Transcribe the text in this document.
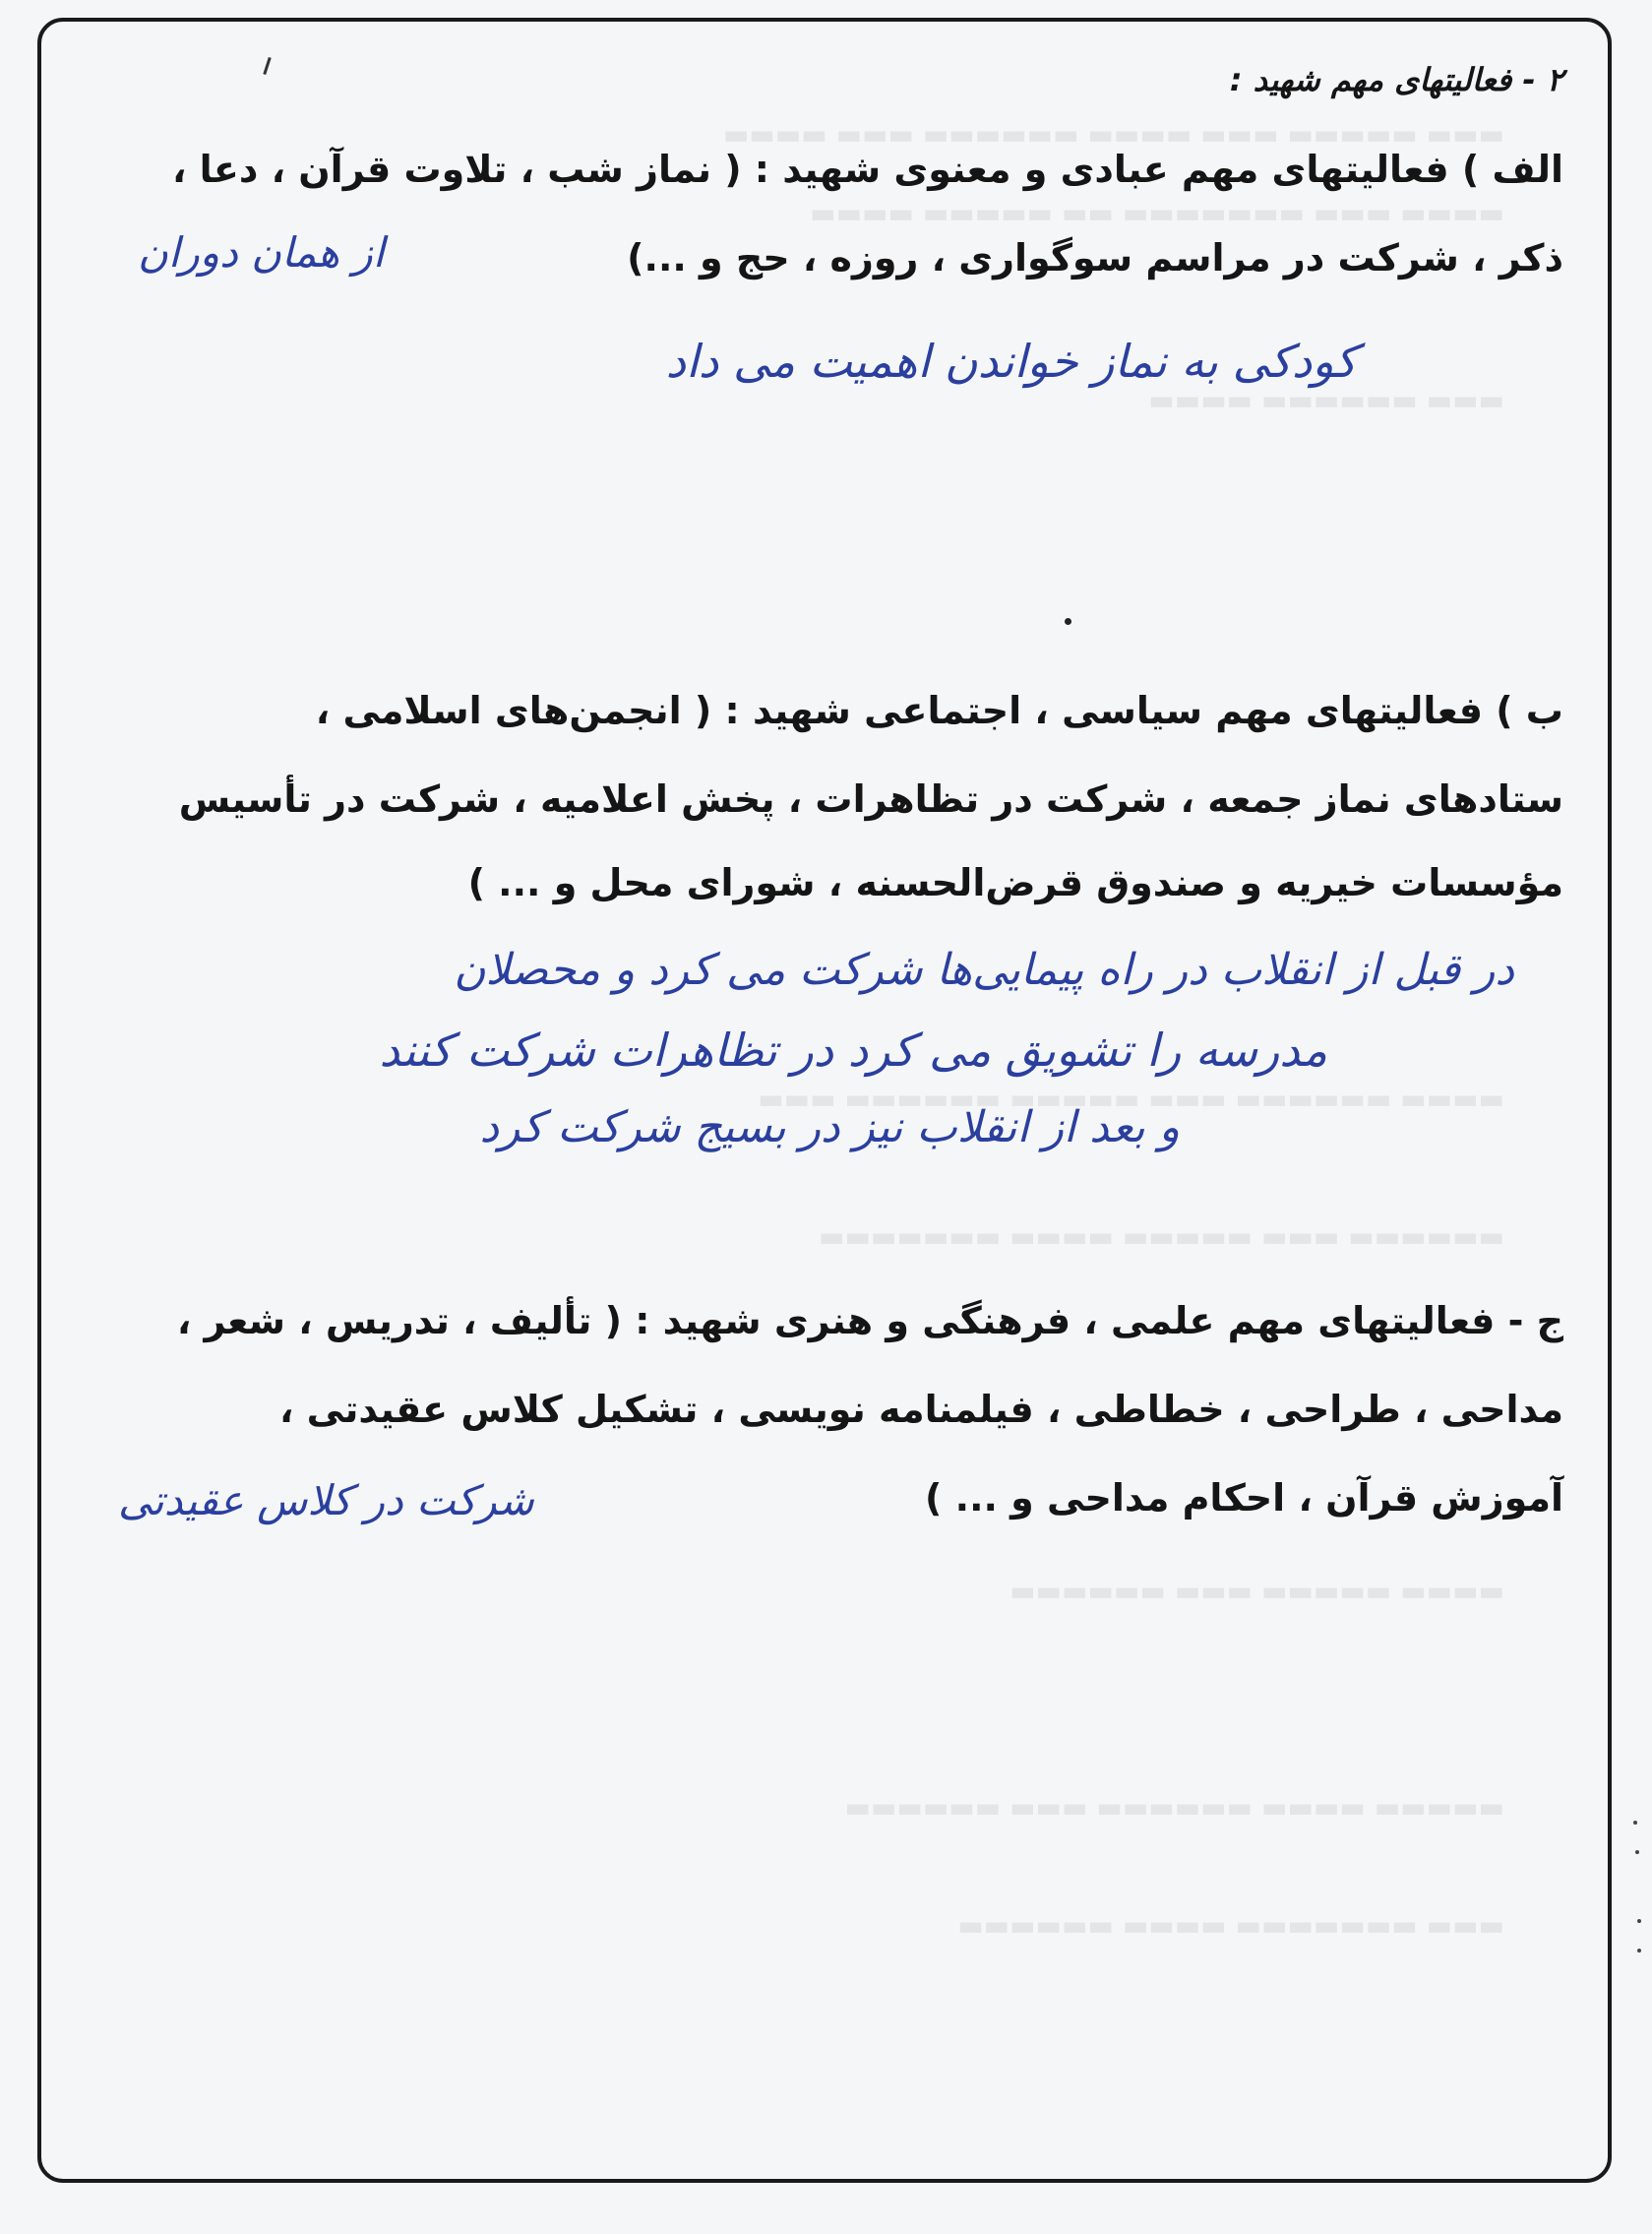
▬▬▬ ▬▬▬▬▬ ▬▬▬ ▬▬▬▬ ▬▬▬▬▬▬ ▬▬▬ ▬▬▬▬
▬▬▬▬ ▬▬▬ ▬▬▬▬▬▬▬ ▬▬ ▬▬▬▬▬ ▬▬▬▬
▬▬▬ ▬▬▬▬▬▬ ▬▬▬▬
▬▬▬▬ ▬▬▬▬▬▬ ▬▬▬ ▬▬▬▬▬ ▬▬▬▬▬▬ ▬▬▬
▬▬▬▬▬▬ ▬▬▬ ▬▬▬▬▬ ▬▬▬▬ ▬▬▬▬▬▬▬
▬▬▬▬ ▬▬▬▬▬ ▬▬▬ ▬▬▬▬▬▬
▬▬▬▬▬ ▬▬▬▬ ▬▬▬▬▬▬ ▬▬▬ ▬▬▬▬▬▬
▬▬▬ ▬▬▬▬▬▬▬ ▬▬▬▬ ▬▬▬▬▬▬
۲ - فعالیتهای مهم شهید :
الف ) فعالیتهای مهم عبادی و معنوی شهید : ( نماز شب ، تلاوت قرآن ، دعا ،
ذکر ، شرکت در مراسم سوگواری ، روزه ، حج و ...)
از همان دوران
کودکی به نماز خواندن اهمیت می داد
ب ) فعالیتهای مهم سیاسی ، اجتماعی شهید : ( انجمن‌های اسلامی ،
ستادهای نماز جمعه ، شرکت در تظاهرات ، پخش اعلامیه ، شرکت در تأسیس
مؤسسات خیریه و صندوق قرض‌الحسنه ، شورای محل و ... )
در قبل از انقلاب در راه پیمایی‌ها شرکت می کرد و محصلان
مدرسه را تشویق می کرد در تظاهرات شرکت کنند
و بعد از انقلاب نیز در بسیج شرکت کرد
ج - فعالیتهای مهم علمی ، فرهنگی و هنری شهید : ( تألیف ، تدریس ، شعر ،
مداحی ، طراحی ، خطاطی ، فیلمنامه نویسی ، تشکیل کلاس عقیدتی ،
آموزش قرآن ، احکام مداحی و ... )
شرکت در کلاس عقیدتی
